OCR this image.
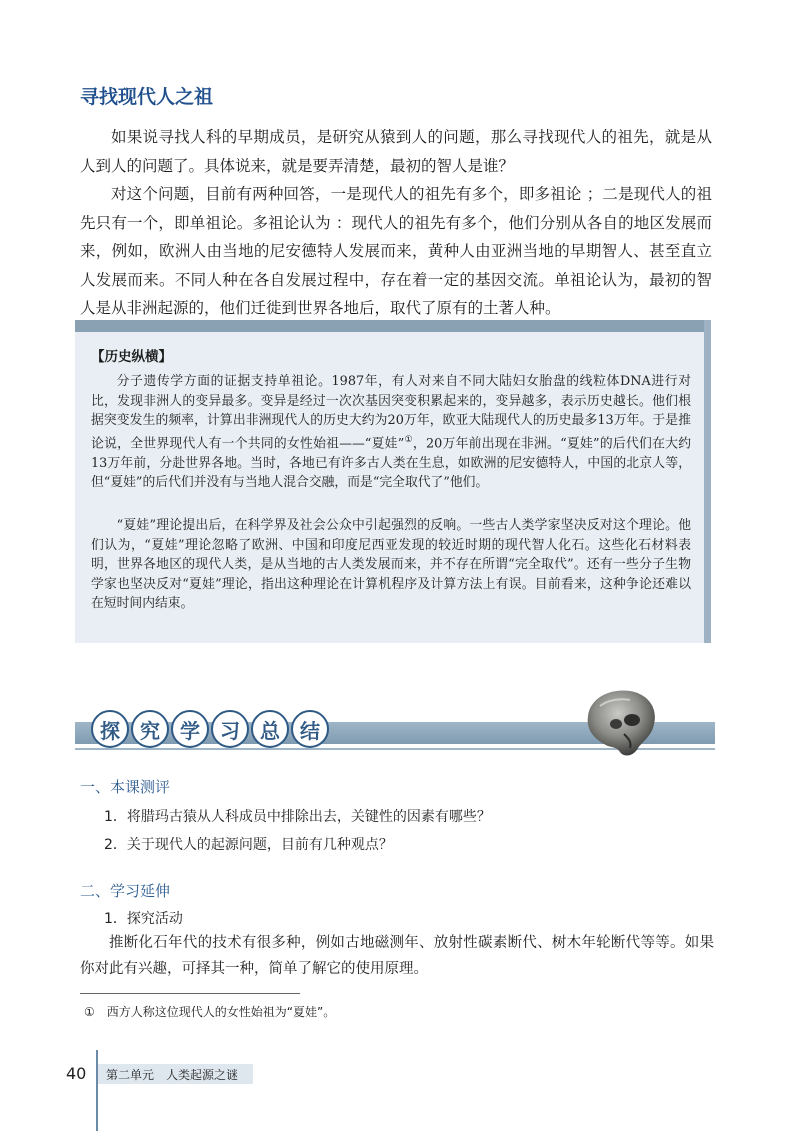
寻找现代人之祖

如果说寻找人科的早期成员，是研究从猿到人的问题，那么寻找现代人的祖先，就是从人到人的问题了。具体说来，就是要弄清楚，最初的智人是谁？

对这个问题，目前有两种回答，一是现代人的祖先有多个，即多祖论 ；二是现代人的祖先只有一个，即单祖论。多祖论认为 ：现代人的祖先有多个，他们分别从各自的地区发展而来，例如，欧洲人由当地的尼安德特人发展而来，黄种人由亚洲当地的早期智人、甚至直立人发展而来。不同人种在各自发展过程中，存在着一定的基因交流。单祖论认为，最初的智人是从非洲起源的，他们迁徙到世界各地后，取代了原有的土著人种。

【历史纵横】

分子遗传学方面的证据支持单祖论。1987年，有人对来自不同大陆妇女胎盘的线粒体DNA进行对比，发现非洲人的变异最多。变异是经过一次次基因突变积累起来的，变异越多，表示历史越长。他们根据突变发生的频率，计算出非洲现代人的历史大约为20万年，欧亚大陆现代人的历史最多13万年。于是推论说，全世界现代人有一个共同的女性始祖——“夏娃”①，20万年前出现在非洲。“夏娃”的后代们在大约13万年前，分赴世界各地。当时，各地已有许多古人类在生息，如欧洲的尼安德特人，中国的北京人等，但“夏娃”的后代们并没有与当地人混合交融，而是“完全取代了”他们。

“夏娃”理论提出后，在科学界及社会公众中引起强烈的反响。一些古人类学家坚决反对这个理论。他们认为，“夏娃”理论忽略了欧洲、中国和印度尼西亚发现的较近时期的现代智人化石。这些化石材料表明，世界各地区的现代人类，是从当地的古人类发展而来，并不存在所谓“完全取代”。还有一些分子生物学家也坚决反对“夏娃”理论，指出这种理论在计算机程序及计算方法上有误。目前看来，这种争论还难以在短时间内结束。

探	究	学	习	总	结
一、本课测评
1．将腊玛古猿从人科成员中排除出去，关键性的因素有哪些？
2．关于现代人的起源问题，目前有几种观点？
二、学习延伸
1．探究活动

推断化石年代的技术有很多种，例如古地磁测年、放射性碳素断代、树木年轮断代等等。如果你对此有兴趣，可择其一种，简单了解它的使用原理。

①　西方人称这位现代人的女性始祖为“夏娃”。
40 第二单元　人类起源之谜
